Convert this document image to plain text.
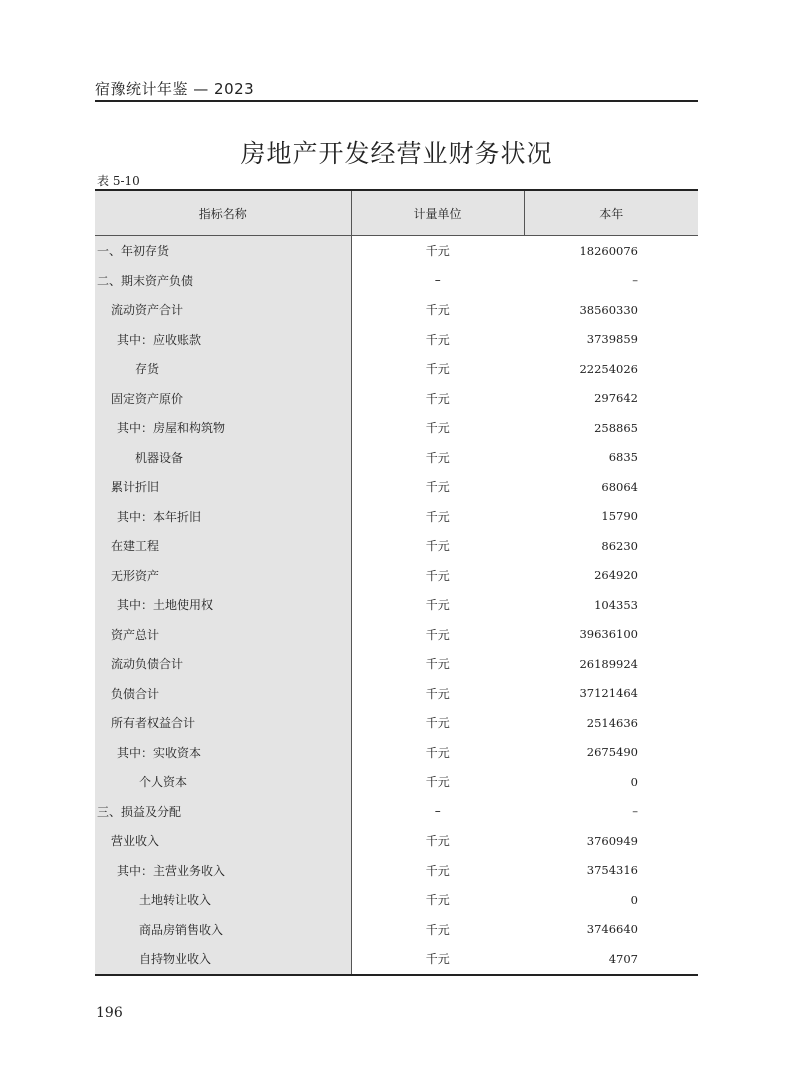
宿豫统计年鉴 — 2023
房地产开发经营业财务状况
表 5-10
指标名称	计量单位	本年
一、年初存货	千元	18260076
二、期末资产负债	–	–
流动资产合计	千元	38560330
其中：应收账款	千元	3739859
存货	千元	22254026
固定资产原价	千元	297642
其中：房屋和构筑物	千元	258865
机器设备	千元	6835
累计折旧	千元	68064
其中：本年折旧	千元	15790
在建工程	千元	86230
无形资产	千元	264920
其中：土地使用权	千元	104353
资产总计	千元	39636100
流动负债合计	千元	26189924
负债合计	千元	37121464
所有者权益合计	千元	2514636
其中：实收资本	千元	2675490
个人资本	千元	0
三、损益及分配	–	–
营业收入	千元	3760949
其中：主营业务收入	千元	3754316
土地转让收入	千元	0
商品房销售收入	千元	3746640
自持物业收入	千元	4707
196
